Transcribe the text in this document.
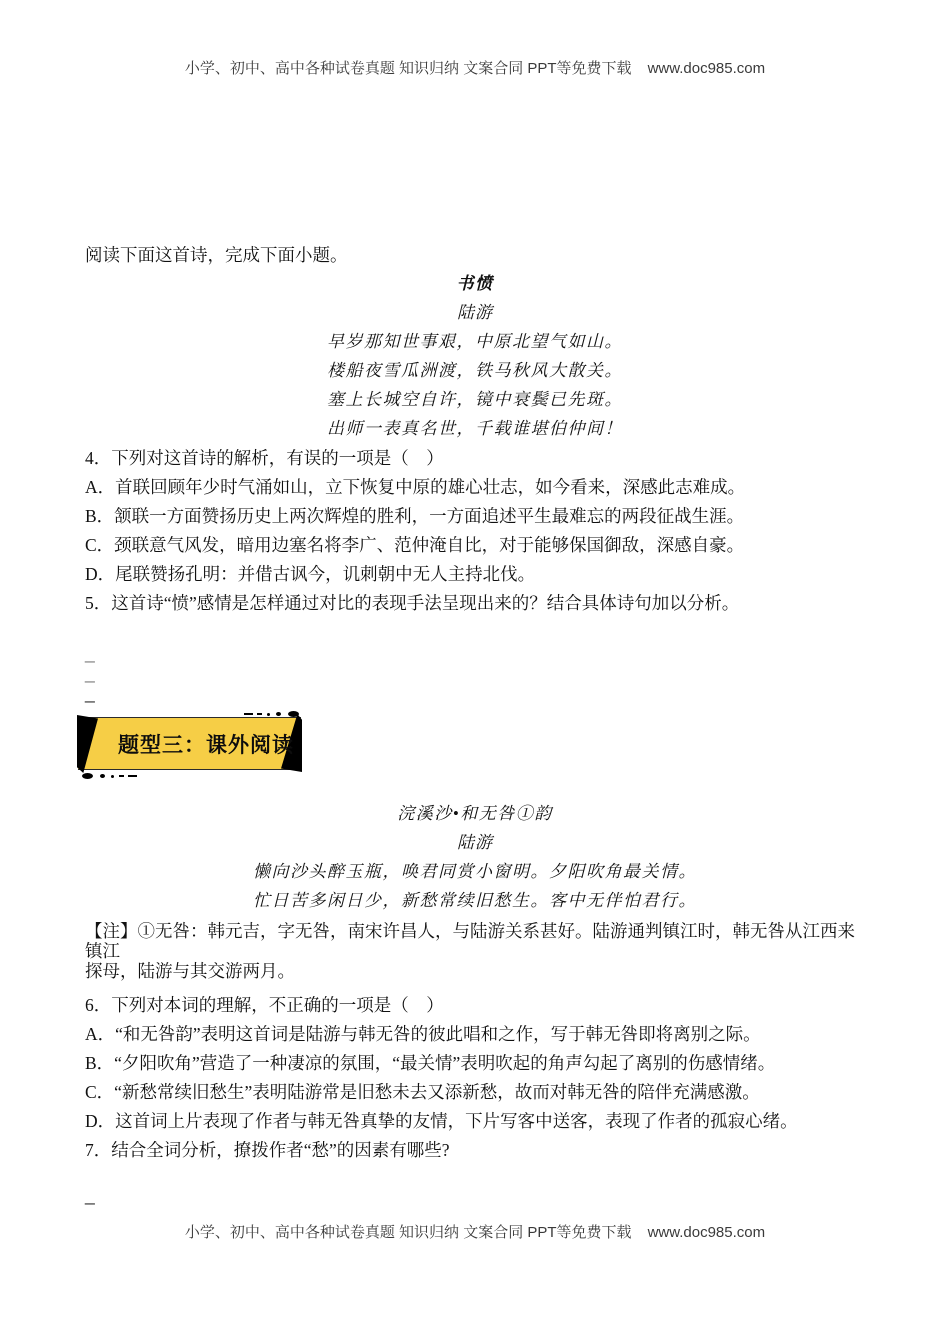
小学、初中、高中各种试卷真题 知识归纳 文案合同 PPT等免费下载 www.doc985.com

阅读下面这首诗，完成下面小题。

书愤

陆游

早岁那知世事艰，中原北望气如山。

楼船夜雪瓜洲渡，铁马秋风大散关。

塞上长城空自许，镜中衰鬓已先斑。

出师一表真名世，千载谁堪伯仲间！

4．下列对这首诗的解析，有误的一项是（　）

A．首联回顾年少时气涌如山，立下恢复中原的雄心壮志，如今看来，深感此志难成。

B．颔联一方面赞扬历史上两次辉煌的胜利，一方面追述平生最难忘的两段征战生涯。

C．颈联意气风发，暗用边塞名将李广、范仲淹自比，对于能够保国御敌，深感自豪。

D．尾联赞扬孔明：并借古讽今，讥刺朝中无人主持北伐。

5．这首诗“愤”感情是怎样通过对比的表现手法呈现出来的？结合具体诗句加以分析。

_

_

_

题型三：课外阅读

浣溪沙•和无咎①韵

陆游

懒向沙头醉玉瓶，唤君同赏小窗明。夕阳吹角最关情。

忙日苦多闲日少，新愁常续旧愁生。客中无伴怕君行。

【注】①无咎：韩元吉，字无咎，南宋许昌人，与陆游关系甚好。陆游通判镇江时，韩无咎从江西来镇江

探母，陆游与其交游两月。

6．下列对本词的理解，不正确的一项是（　）

A．“和无咎韵”表明这首词是陆游与韩无咎的彼此唱和之作，写于韩无咎即将离别之际。

B．“夕阳吹角”营造了一种凄凉的氛围，“最关情”表明吹起的角声勾起了离别的伤感情绪。

C．“新愁常续旧愁生”表明陆游常是旧愁未去又添新愁，故而对韩无咎的陪伴充满感激。

D．这首词上片表现了作者与韩无咎真挚的友情，下片写客中送客，表现了作者的孤寂心绪。

7．结合全词分析，撩拨作者“愁”的因素有哪些?

_

小学、初中、高中各种试卷真题 知识归纳 文案合同 PPT等免费下载 www.doc985.com
